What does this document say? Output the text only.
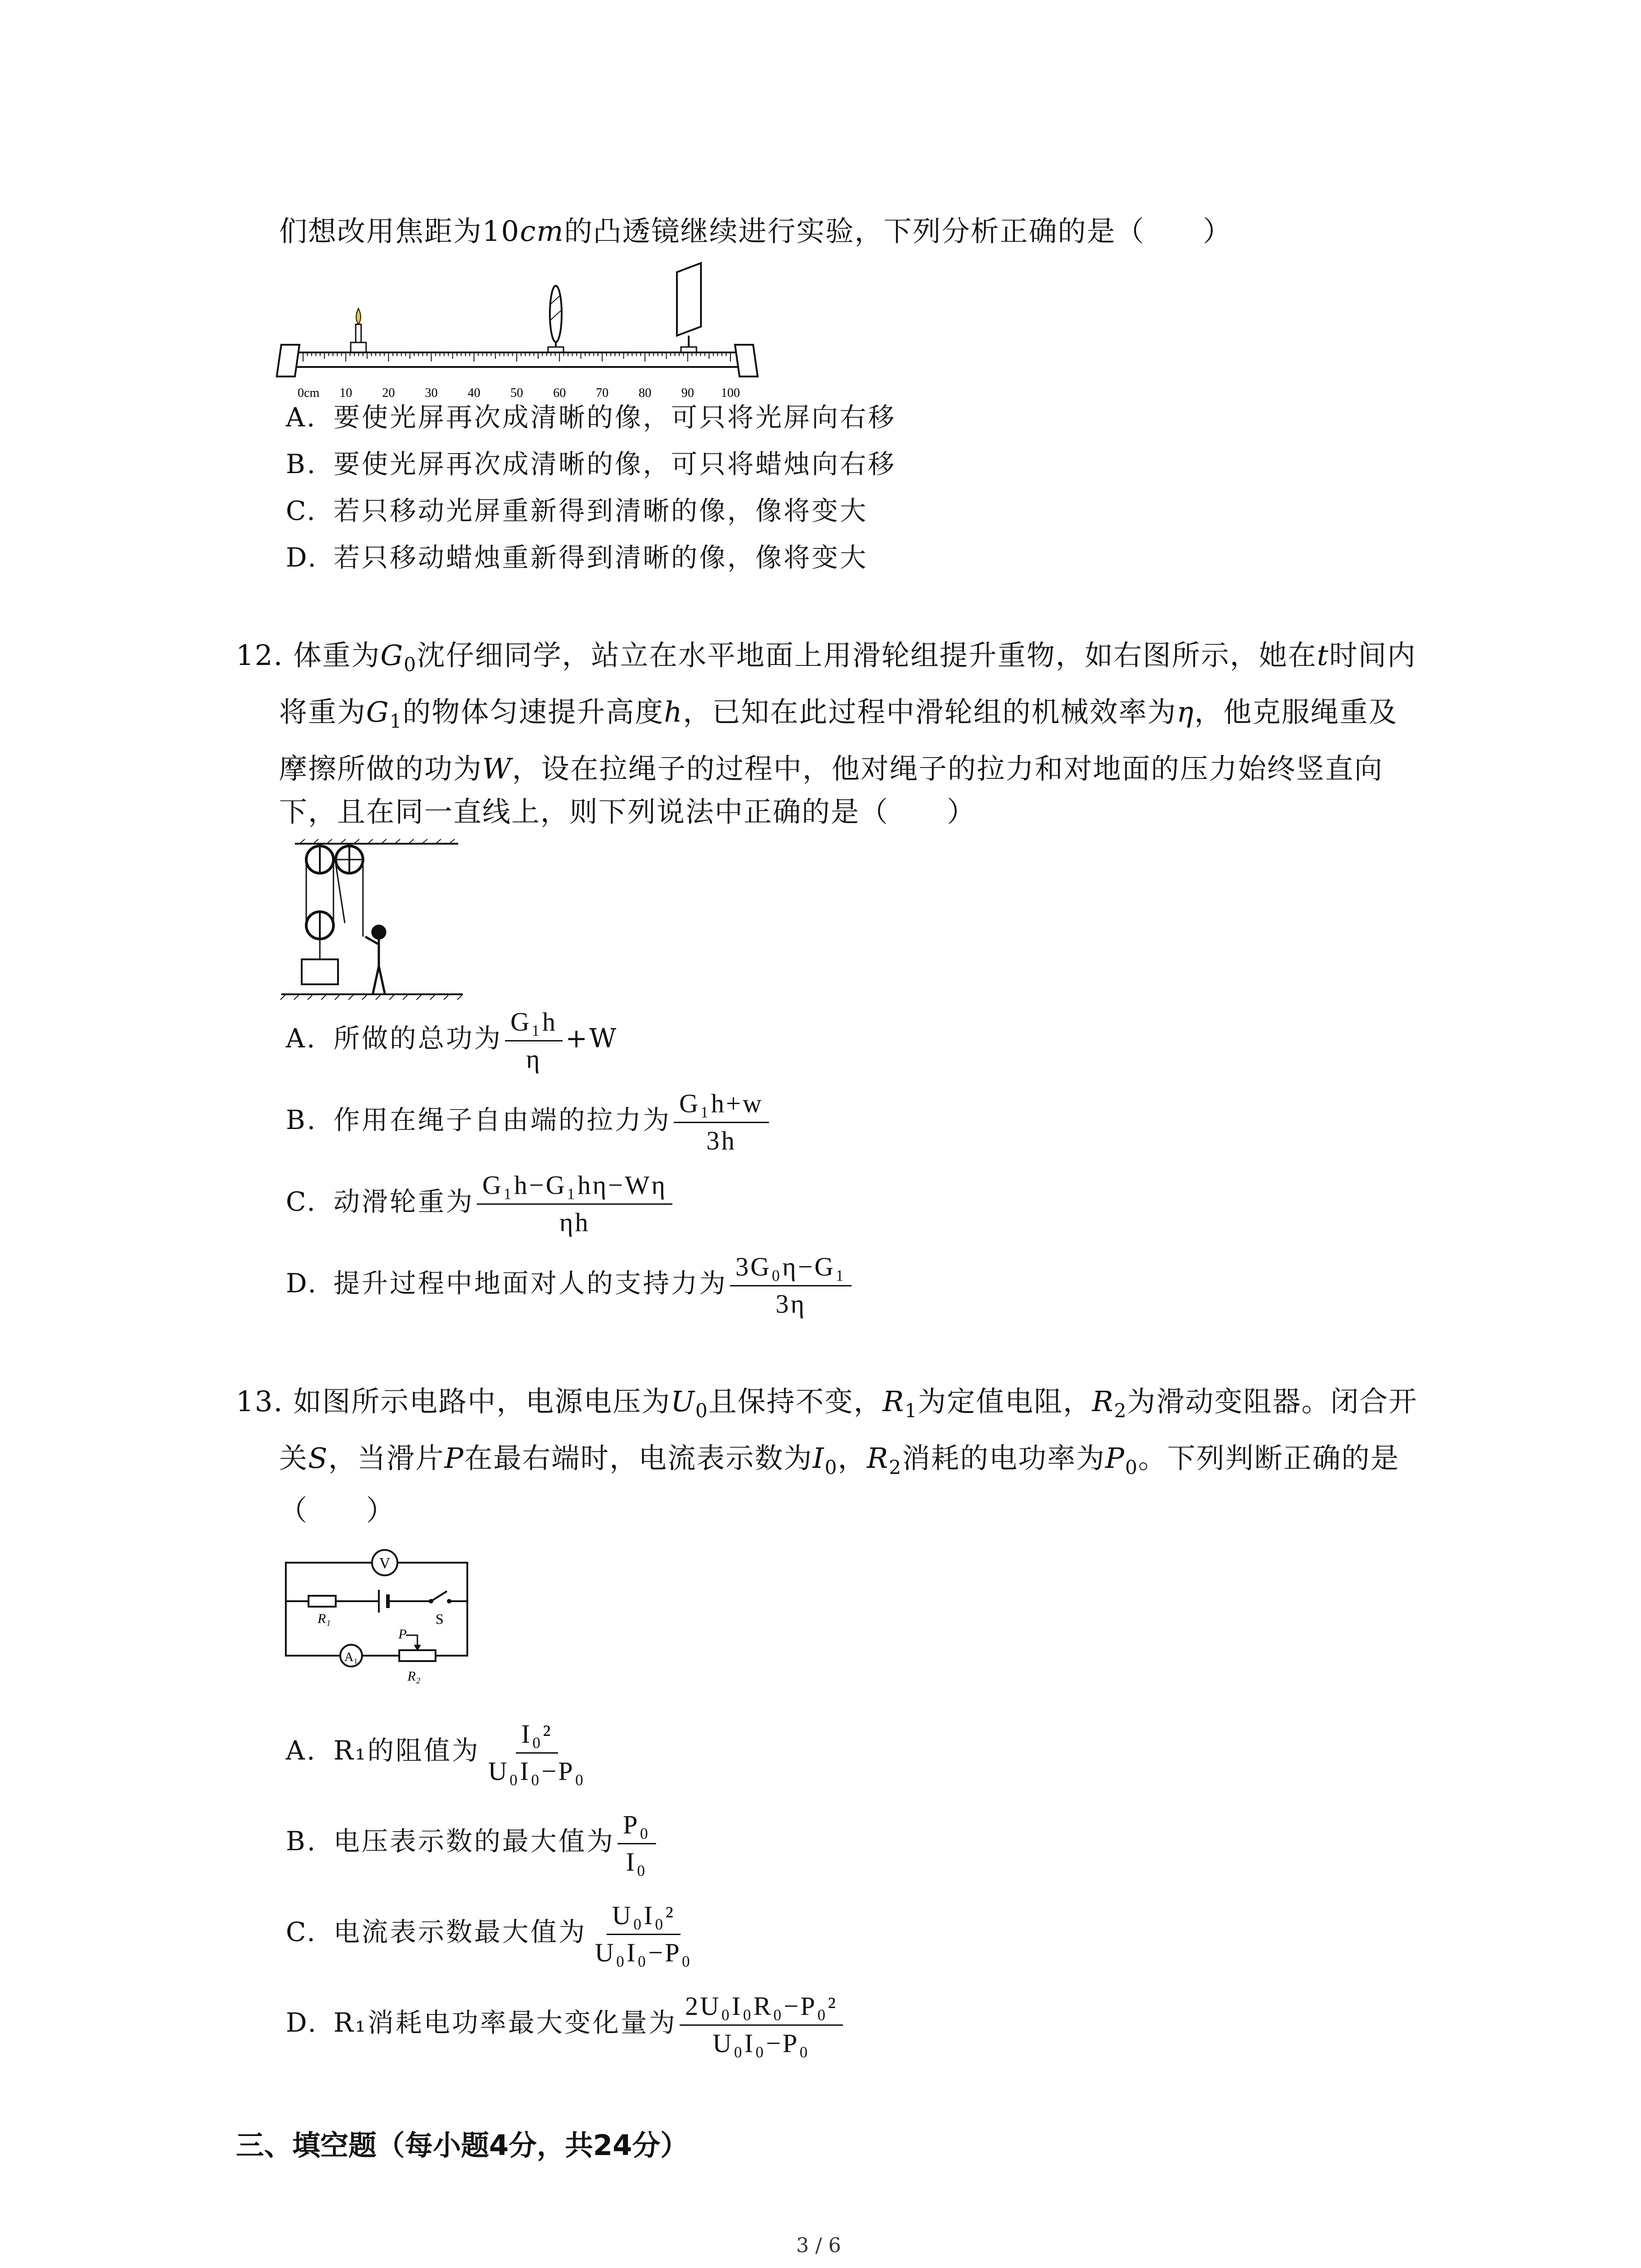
们想改用焦距为10cm的凸透镜继续进行实验，下列分析正确的是（　　）
0cm 10 20 30 40 50 60 70 80 90 100
A. 要使光屏再次成清晰的像，可只将光屏向右移
B. 要使光屏再次成清晰的像，可只将蜡烛向右移
C. 若只移动光屏重新得到清晰的像，像将变大
D. 若只移动蜡烛重新得到清晰的像，像将变大
12. 体重为$G_0$沈仔细同学，站立在水平地面上用滑轮组提升重物，如右图所示，她在t时间内
将重为$G_1$的物体匀速提升高度h，已知在此过程中滑轮组的机械效率为η，他克服绳重及
摩擦所做的功为W，设在拉绳子的过程中，他对绳子的拉力和对地面的压力始终竖直向
下，且在同一直线上，则下列说法中正确的是（　　）
A. 所做的总功为 $\frac{\text{G₁h}}{\eta} +W$
B. 作用在绳子自由端的拉力为 $\frac{\text{G₁h+w}}{3h}$
C. 动滑轮重为 $\frac{\text{G₁h−G₁hη−Wη}}{\eta h}$
D. 提升过程中地面对人的支持力为 $\frac{\text{3G₀η−G₁}}{3\eta}$
13. 如图所示电路中，电源电压为$U_0$且保持不变，$R_1$为定值电阻，$R_2$为滑动变阻器。闭合开
关S，当滑片P在最右端时，电流表示数为$I_0$，$R_2$消耗的电功率为$P_0$。下列判断正确的是
（　　）
V
R₁	S
A₁
P
R₂
A. R₁的阻值为 $\frac{\text{I₀²}}{\text{U₀I₀−P₀}}$
B. 电压表示数的最大值为 $\frac{\text{P₀}}{\text{I₀}}$
C. 电流表示数最大值为 $\frac{\text{U₀I₀²}}{\text{U₀I₀−P₀}}$
D. R₁消耗电功率最大变化量为 $\frac{\text{2U₀I₀R₀−P₀²}}{\text{U₀I₀−P₀}}$
三、填空题（每小题4分，共24分）
3 / 6
